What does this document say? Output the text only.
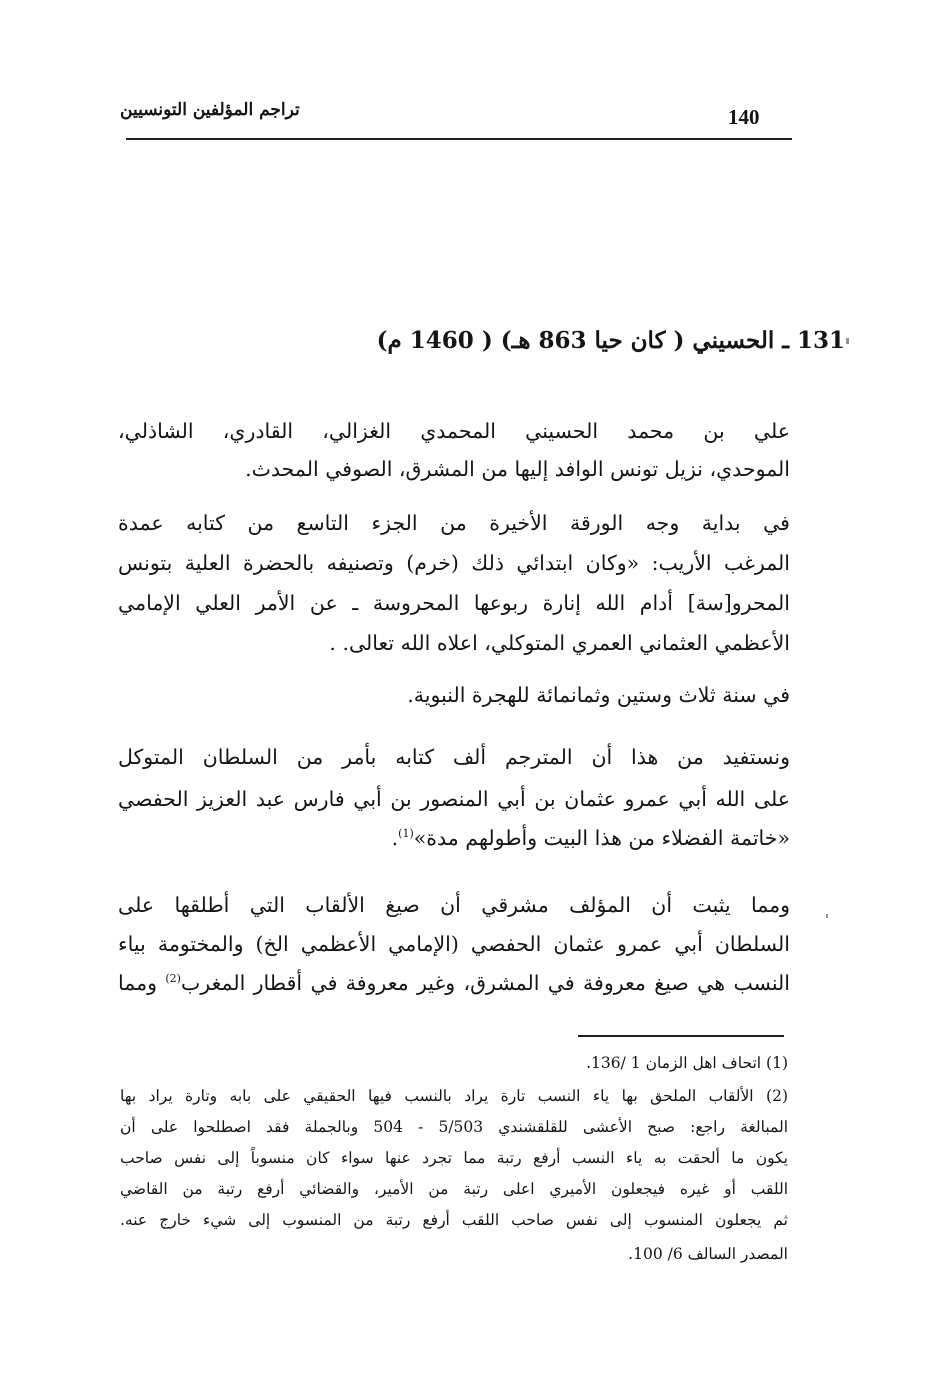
تراجم المؤلفين التونسيين	140
131 ـ الحسيني ( كان حيا 863 هـ) ( 1460 م)
علي بن محمد الحسيني المحمدي الغزالي، القادري، الشاذلي،
الموحدي، نزيل تونس الوافد إليها من المشرق، الصوفي المحدث.
في بداية وجه الورقة الأخيرة من الجزء التاسع من كتابه عمدة
المرغب الأريب: «وكان ابتدائي ذلك (خرم) وتصنيفه بالحضرة العلية بتونس
المحرو[سة] أدام الله إنارة ربوعها المحروسة ـ عن الأمر العلي الإمامي
الأعظمي العثماني العمري المتوكلي، اعلاه الله تعالى. .
في سنة ثلاث وستين وثمانمائة للهجرة النبوية.
ونستفيد من هذا أن المترجم ألف كتابه بأمر من السلطان المتوكل
على الله أبي عمرو عثمان بن أبي المنصور بن أبي فارس عبد العزيز الحفصي
«خاتمة الفضلاء من هذا البيت وأطولهم مدة»$^{(1)}$.
ومما يثبت أن المؤلف مشرقي أن صيغ الألقاب التي أطلقها على
السلطان أبي عمرو عثمان الحفصي (الإمامي الأعظمي الخ) والمختومة بياء
النسب هي صيغ معروفة في المشرق، وغير معروفة في أقطار المغرب$^{(2)}$ ومما
(1) اتحاف اهل الزمان 1 /136.
(2) الألقاب الملحق بها ياء النسب تارة يراد بالنسب فيها الحقيقي على بابه وتارة يراد بها
المبالغة راجع: صبح الأعشى للقلقشندي 5/503 - 504 وبالجملة فقد اصطلحوا على أن
يكون ما ألحقت به ياء النسب أرفع رتبة مما تجرد عنها سواء كان منسوباً إلى نفس صاحب
اللقب أو غيره فيجعلون الأميري اعلى رتبة من الأمير، والقضائي أرفع رتبة من القاضي
ثم يجعلون المنسوب إلى نفس صاحب اللقب أرفع رتبة من المنسوب إلى شيء خارج عنه.
المصدر السالف 6/ 100.
